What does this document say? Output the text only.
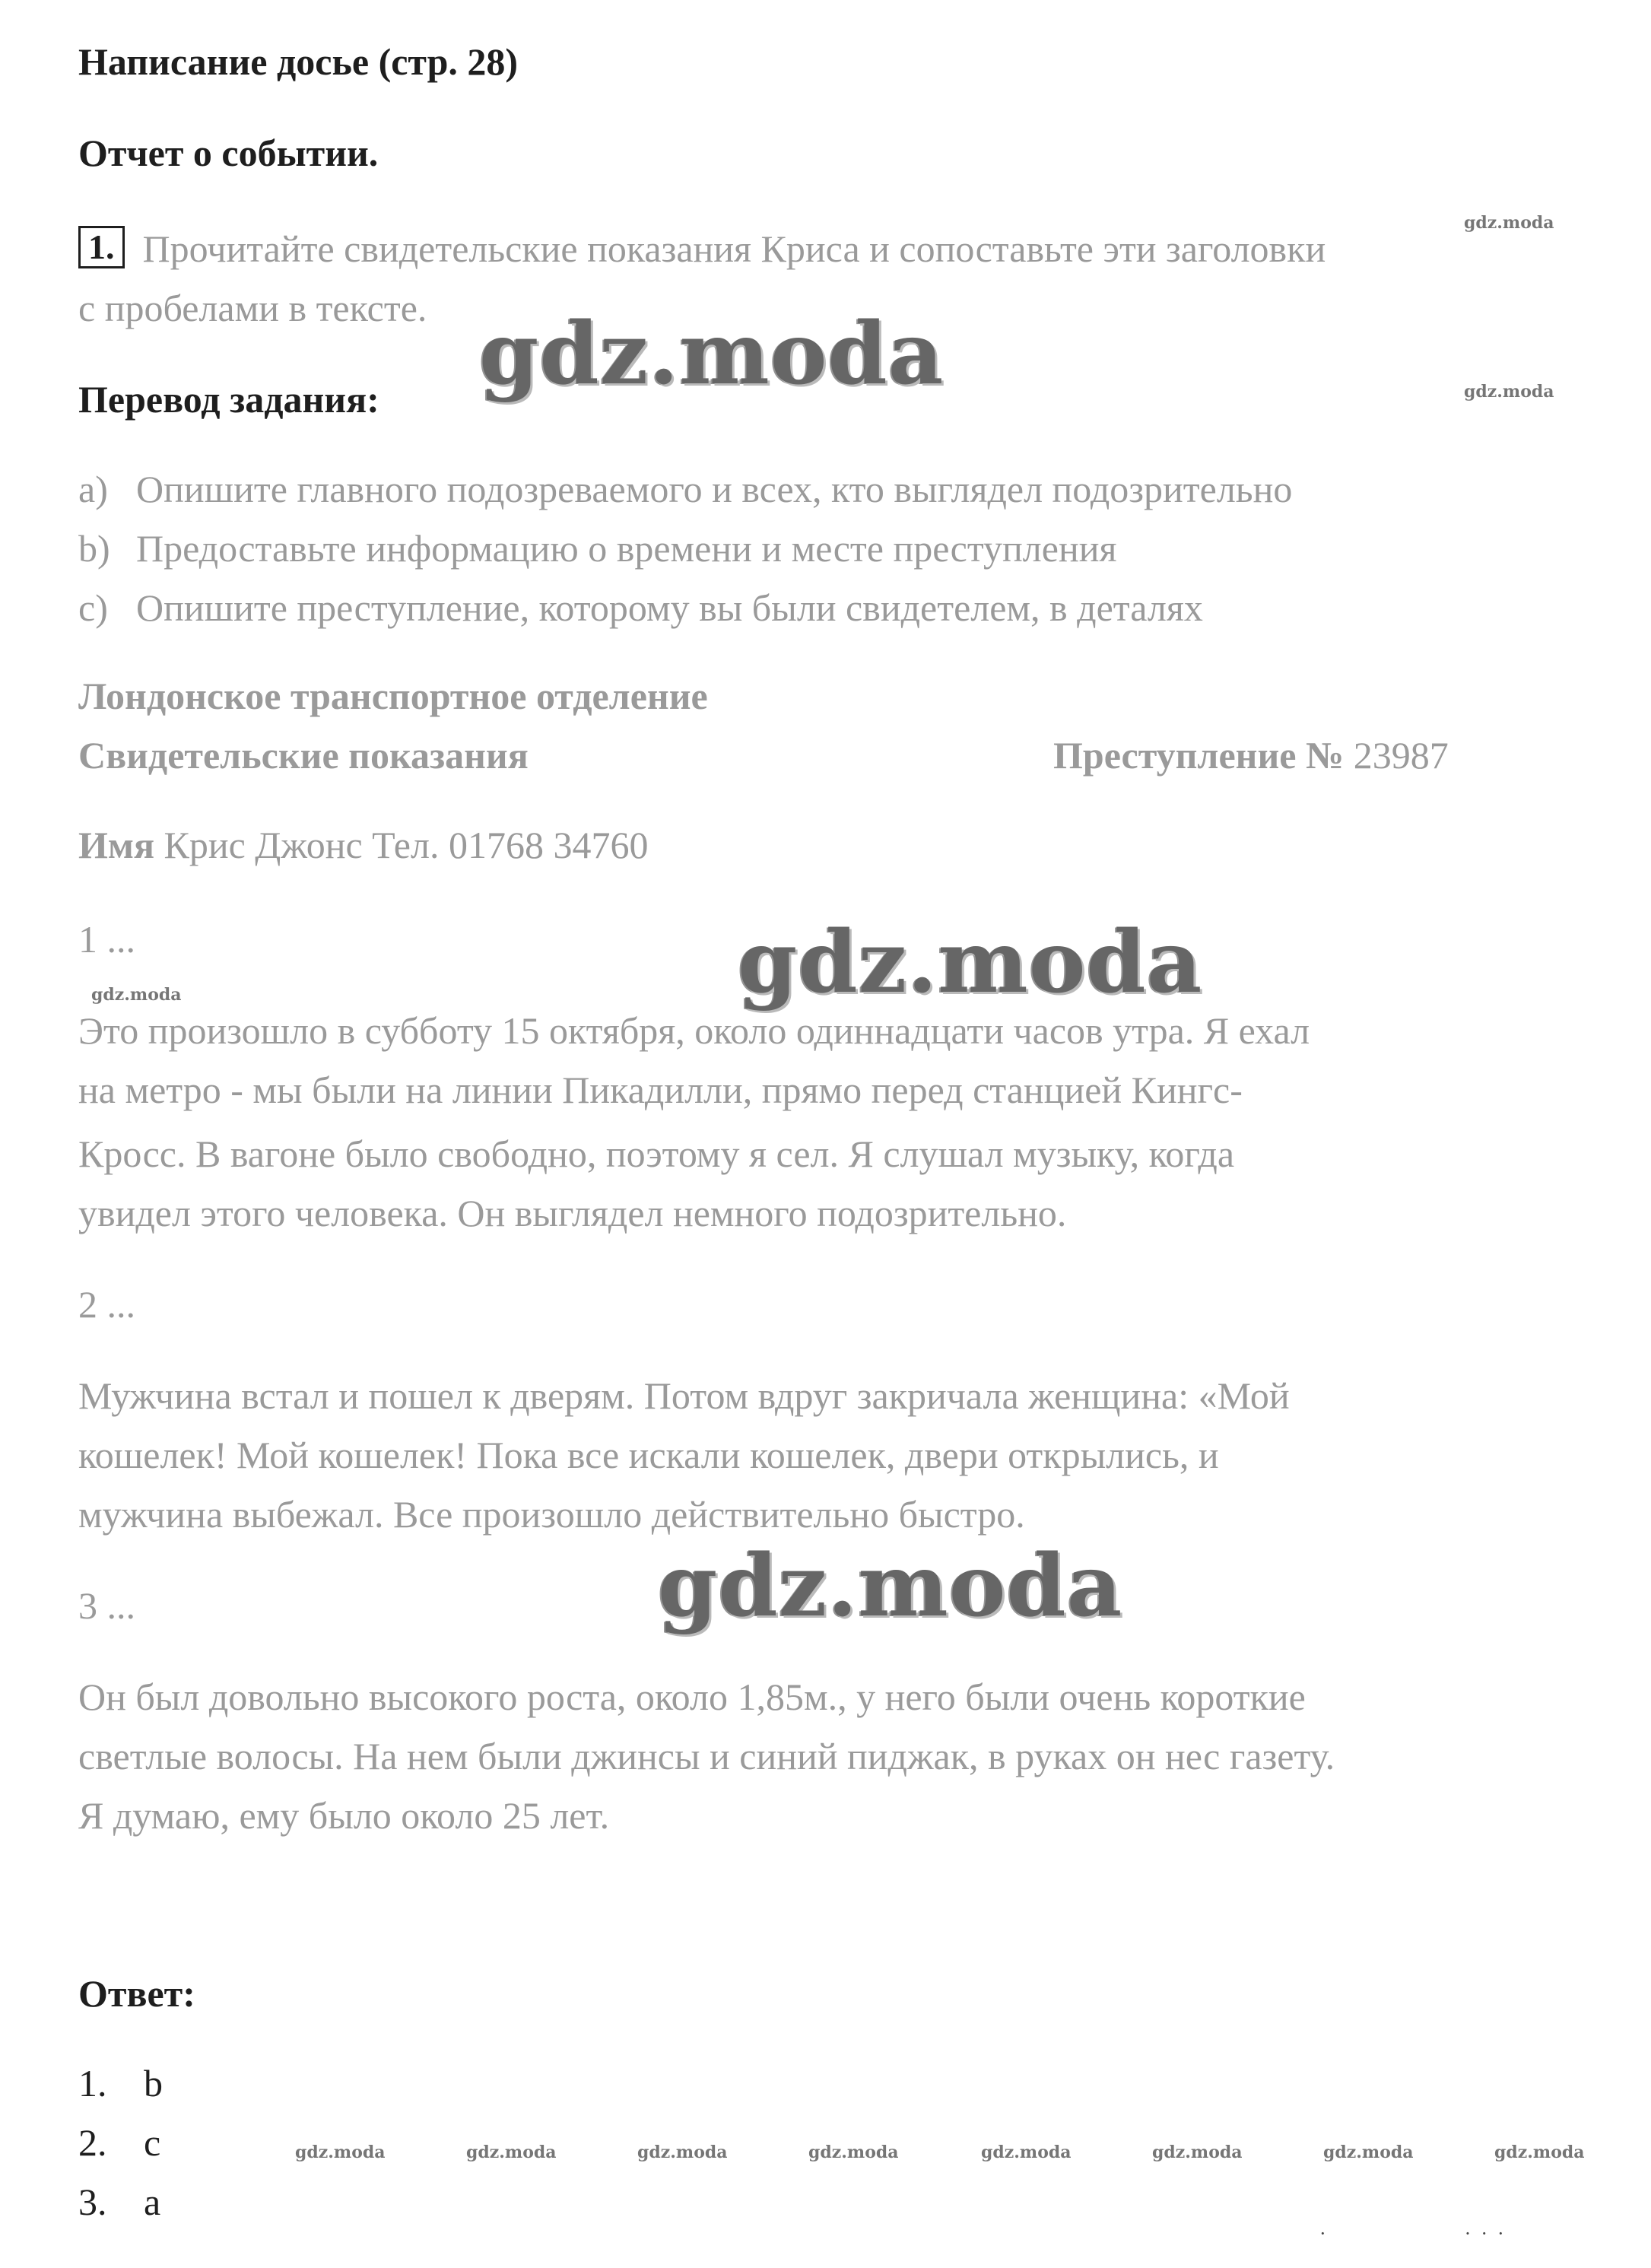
Написание досье (стр. 28)
Отчет о событии.
1. Прочитайте свидетельские показания Криса и сопоставьте эти заголовки
с пробелами в тексте.
Перевод задания:
a) Опишите главного подозреваемого и всех, кто выглядел подозрительно
b) Предоставьте информацию о времени и месте преступления
c) Опишите преступление, которому вы были свидетелем, в деталях
Лондонское транспортное отделение
Свидетельские показания	Преступление № 23987
Имя Крис Джонс Тел. 01768 34760
1 ...
Это произошло в субботу 15 октября, около одиннадцати часов утра. Я ехал
на метро - мы были на линии Пикадилли, прямо перед станцией Кингс-
Кросс. В вагоне было свободно, поэтому я сел. Я слушал музыку, когда
увидел этого человека. Он выглядел немного подозрительно.
2 ...
Мужчина встал и пошел к дверям. Потом вдруг закричала женщина: «Мой
кошелек! Мой кошелек! Пока все искали кошелек, двери открылись, и
мужчина выбежал. Все произошло действительно быстро.
3 ...
Он был довольно высокого роста, около 1,85м., у него были очень короткие
светлые волосы. На нем были джинсы и синий пиджак, в руках он нес газету.
Я думаю, ему было около 25 лет.
Ответ:
1. b
2. c
3. a
gdz.moda
gdz.moda
gdz.moda
gdz.moda
gdz.moda
gdz.moda
gdz.moda	gdz.moda	gdz.moda	gdz.moda	gdz.moda	gdz.moda	gdz.moda	gdz.moda
·                            ·  ·  ·
